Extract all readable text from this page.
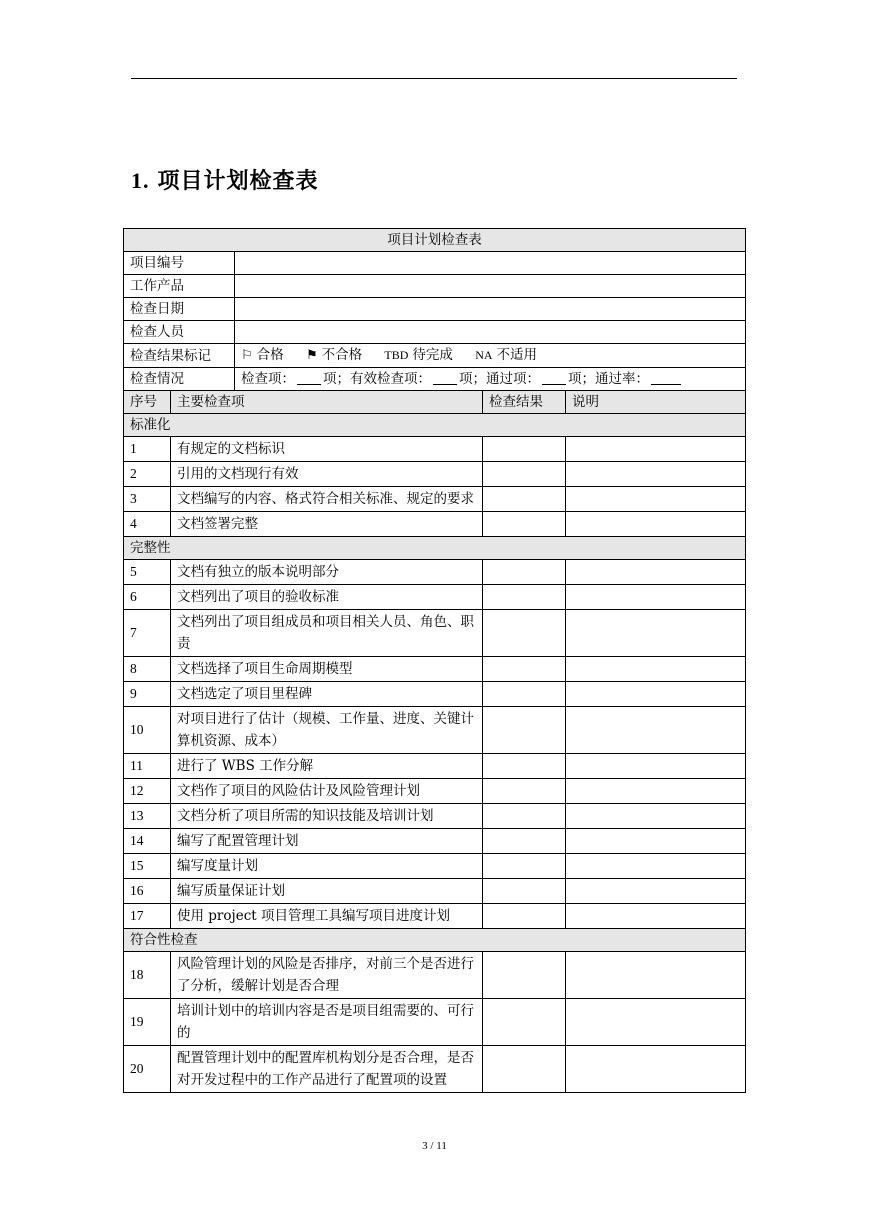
1. 项目计划检查表
项目计划检查表				
项目编号				
工作产品				
检查日期				
检查人员				
检查结果标记		⚐ 合格 ⚑ 不合格 TBD 待完成 NA 不适用		
检查情况		检查项： 项；有效检查项： 项；通过项： 项；通过率：		
序号	主要检查项		检查结果	说明
标准化				
1	有规定的文档标识			
2	引用的文档现行有效			
3	文档编写的内容、格式符合相关标准、规定的要求			
4	文档签署完整			
完整性				
5	文档有独立的版本说明部分			
6	文档列出了项目的验收标准			
7	文档列出了项目组成员和项目相关人员、角色、职责			
8	文档选择了项目生命周期模型			
9	文档选定了项目里程碑			
10	对项目进行了估计（规模、工作量、进度、关键计算机资源、成本）			
11	进行了 WBS 工作分解			
12	文档作了项目的风险估计及风险管理计划			
13	文档分析了项目所需的知识技能及培训计划			
14	编写了配置管理计划			
15	编写度量计划			
16	编写质量保证计划			
17	使用 project 项目管理工具编写项目进度计划			
符合性检查				
18	风险管理计划的风险是否排序，对前三个是否进行了分析，缓解计划是否合理			
19	培训计划中的培训内容是否是项目组需要的、可行的			
20	配置管理计划中的配置库机构划分是否合理，是否对开发过程中的工作产品进行了配置项的设置			
3 / 11
